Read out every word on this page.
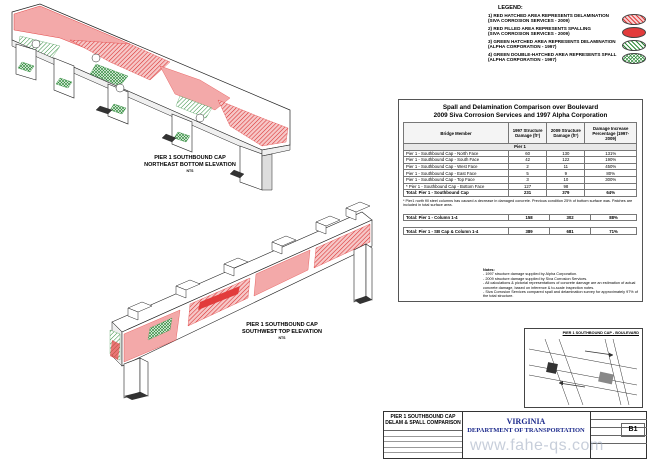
PIER 1 SOUTHBOUND CAP
NORTHEAST BOTTOM ELEVATION
NTS
PIER 1 SOUTHBOUND CAP
SOUTHWEST TOP ELEVATION
NTS
LEGEND:
1) RED HATCHED AREA REPRESENTS DELAMINATION
(SIVA CORROSION SERVICES - 2009)
2) RED FILLED AREA REPRESENTS SPALLING
(SIVA CORROSION SERVICES - 2009)
3) GREEN HATCHED AREA REPRESENTS DELAMINATION
(ALPHA CORPORATION - 1997)
4) GREEN DOUBLE-HATCHED AREA REPRESENTS SPALL
(ALPHA CORPORATION - 1997)
Spall and Delamination Comparison over Boulevard
2009 Siva Corrosion Services and 1997 Alpha Corporation
Bridge Member	1997 Structure Damage (ft²)	2009 Structure Damage (ft²)	Damage Increase Percentage (1997-2009)
Pier 1			
Pier 1 - Southbound Cap - North Face	60	130	131%
Pier 1 - Southbound Cap - South Face	42	122	190%
Pier 1 - Southbound Cap - West Face	2	11	450%
Pier 1 - Southbound Cap - East Face	5	9	80%
Pier 1 - Southbound Cap - Top Face	3	10	300%
* Pier 1 - Southbound Cap - Bottom Face	127	98	
Total: Pier 1 - Southbound Cap	231	379	64%
* Pier1 north fill steel columns has caused a decrease in damaged concrete. Previous condition 25% of bottom surface was. Patches are included in total surface area.
Total: Pier 1 - Column 1-4	158	302	88%
Total: Pier 1 - SB Cap & Column 1-4	389	681	71%
Notes:
- 1997 structure damage supplied by Alpha Corporation.
- 2009 structure damage supplied by Siva Corrosion Services.
- All calculations & pictorial representations of concrete damage are an estimation of actual concrete damage, based on inference & to-scale inspection notes.
- Siva Corrosion Services compared spall and delamination survey for approximately 97% of the total structure.
PIER 1 SOUTHBOUND CAP - BOULEVARD
PIER 1 SOUTHBOUND CAP
DELAM & SPALL COMPARISON	VIRGINIA
DEPARTMENT OF TRANSPORTATION	B1
www.fahe-qs.com
